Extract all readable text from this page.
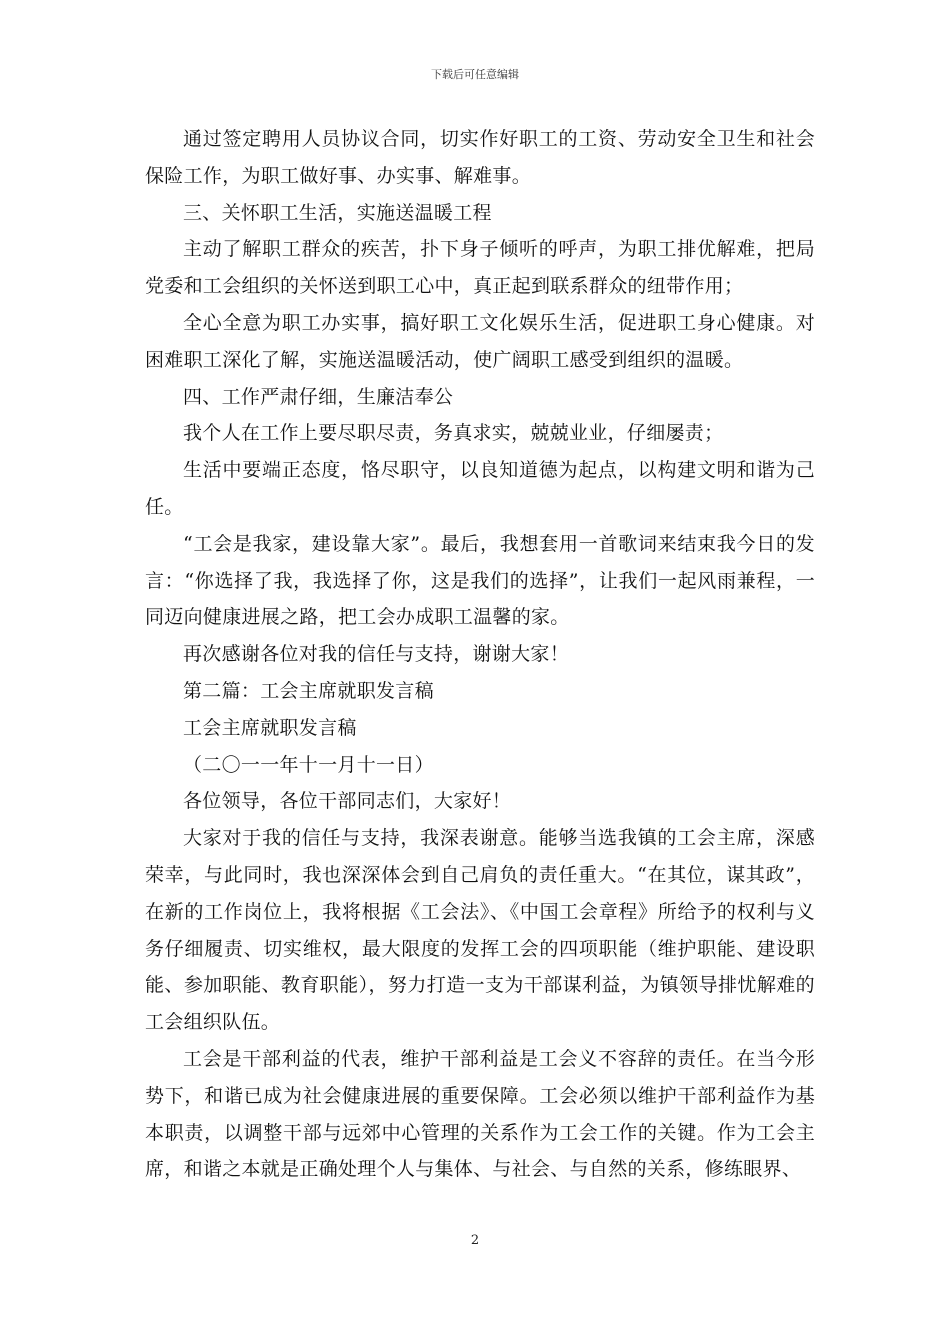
下载后可任意编辑

通过签定聘用人员协议合同，切实作好职工的工资、劳动安全卫生和社会保险工作，为职工做好事、办实事、解难事。

三、关怀职工生活，实施送温暖工程

主动了解职工群众的疾苦，扑下身子倾听的呼声，为职工排优解难，把局党委和工会组织的关怀送到职工心中，真正起到联系群众的纽带作用；

全心全意为职工办实事，搞好职工文化娱乐生活，促进职工身心健康。对困难职工深化了解，实施送温暖活动，使广阔职工感受到组织的温暖。

四、工作严肃仔细，生廉洁奉公

我个人在工作上要尽职尽责，务真求实，兢兢业业，仔细屡责；

生活中要端正态度，恪尽职守，以良知道德为起点，以构建文明和谐为己任。

“工会是我家，建设靠大家”。最后，我想套用一首歌词来结束我今日的发言：“你选择了我，我选择了你，这是我们的选择”，让我们一起风雨兼程，一同迈向健康进展之路，把工会办成职工温馨的家。

再次感谢各位对我的信任与支持，谢谢大家！

第二篇：工会主席就职发言稿

工会主席就职发言稿

（二〇一一年十一月十一日）

各位领导，各位干部同志们，大家好！

大家对于我的信任与支持，我深表谢意。能够当选我镇的工会主席，深感荣幸，与此同时，我也深深体会到自己肩负的责任重大。“在其位，谋其政”，在新的工作岗位上，我将根据《工会法》、《中国工会章程》所给予的权利与义务仔细履责、切实维权，最大限度的发挥工会的四项职能（维护职能、建设职能、参加职能、教育职能），努力打造一支为干部谋利益，为镇领导排忧解难的工会组织队伍。

工会是干部利益的代表，维护干部利益是工会义不容辞的责任。在当今形势下，和谐已成为社会健康进展的重要保障。工会必须以维护干部利益作为基本职责，以调整干部与远郊中心管理的关系作为工会工作的关键。作为工会主席，和谐之本就是正确处理个人与集体、与社会、与自然的关系，修练眼界、

2
